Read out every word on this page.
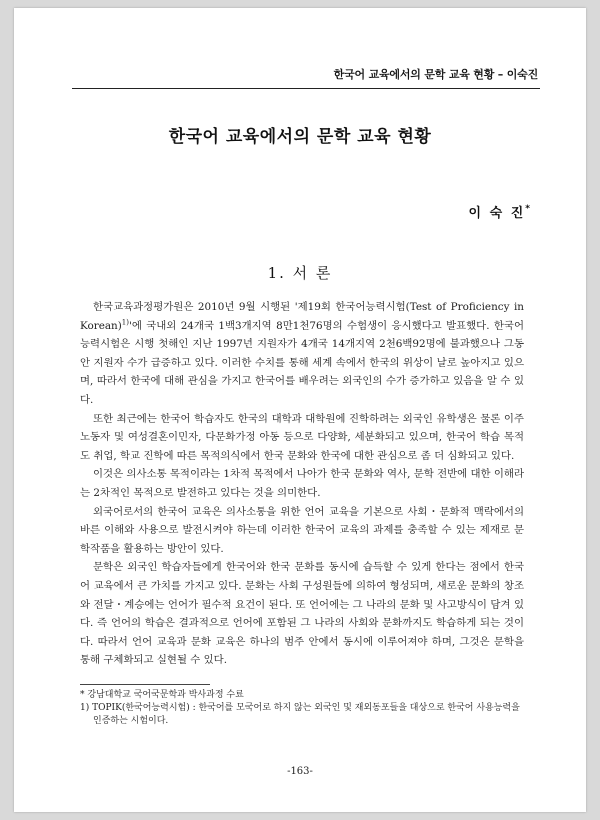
한국어 교육에서의 문학 교육 현황 – 이숙진
한국어 교육에서의 문학 교육 현황
이 숙 진*
1. 서 론

한국교육과정평가원은 2010년 9월 시행된 '제19회 한국어능력시험(Test of Proficiency in Korean)$^{1)}$'에 국내외 24개국 1백3개지역 8만1천76명의 수험생이 응시했다고 발표했다. 한국어능력시험은 시행 첫해인 지난 1997년 지원자가 4개국 14개지역 2천6백92명에 불과했으나 그동안 지원자 수가 급증하고 있다. 이러한 수치를 통해 세계 속에서 한국의 위상이 날로 높아지고 있으며, 따라서 한국에 대해 관심을 가지고 한국어를 배우려는 외국인의 수가 증가하고 있음을 알 수 있다.

또한 최근에는 한국어 학습자도 한국의 대학과 대학원에 진학하려는 외국인 유학생은 물론 이주노동자 및 여성결혼이민자, 다문화가정 아동 등으로 다양화, 세분화되고 있으며, 한국어 학습 목적도 취업, 학교 진학에 따른 목적의식에서 한국 문화와 한국에 대한 관심으로 좀 더 심화되고 있다.

이것은 의사소통 목적이라는 1차적 목적에서 나아가 한국 문화와 역사, 문학 전반에 대한 이해라는 2차적인 목적으로 발전하고 있다는 것을 의미한다.

외국어로서의 한국어 교육은 의사소통을 위한 언어 교육을 기본으로 사회・문화적 맥락에서의 바른 이해와 사용으로 발전시켜야 하는데 이러한 한국어 교육의 과제를 충족할 수 있는 제재로 문학작품을 활용하는 방안이 있다.

문학은 외국인 학습자들에게 한국어와 한국 문화를 동시에 습득할 수 있게 한다는 점에서 한국어 교육에서 큰 가치를 가지고 있다. 문화는 사회 구성원들에 의하여 형성되며, 새로운 문화의 창조와 전달・계승에는 언어가 필수적 요건이 된다. 또 언어에는 그 나라의 문화 및 사고방식이 담겨 있다. 즉 언어의 학습은 결과적으로 언어에 포함된 그 나라의 사회와 문화까지도 학습하게 되는 것이다. 따라서 언어 교육과 문화 교육은 하나의 범주 안에서 동시에 이루어져야 하며, 그것은 문학을 통해 구체화되고 실현될 수 있다.

* 강남대학교 국어국문학과 박사과정 수료

1) TOPIK(한국어능력시험) : 한국어를 모국어로 하지 않는 외국인 및 재외동포들을 대상으로 한국어 사용능력을 인증하는 시험이다.

-163-
